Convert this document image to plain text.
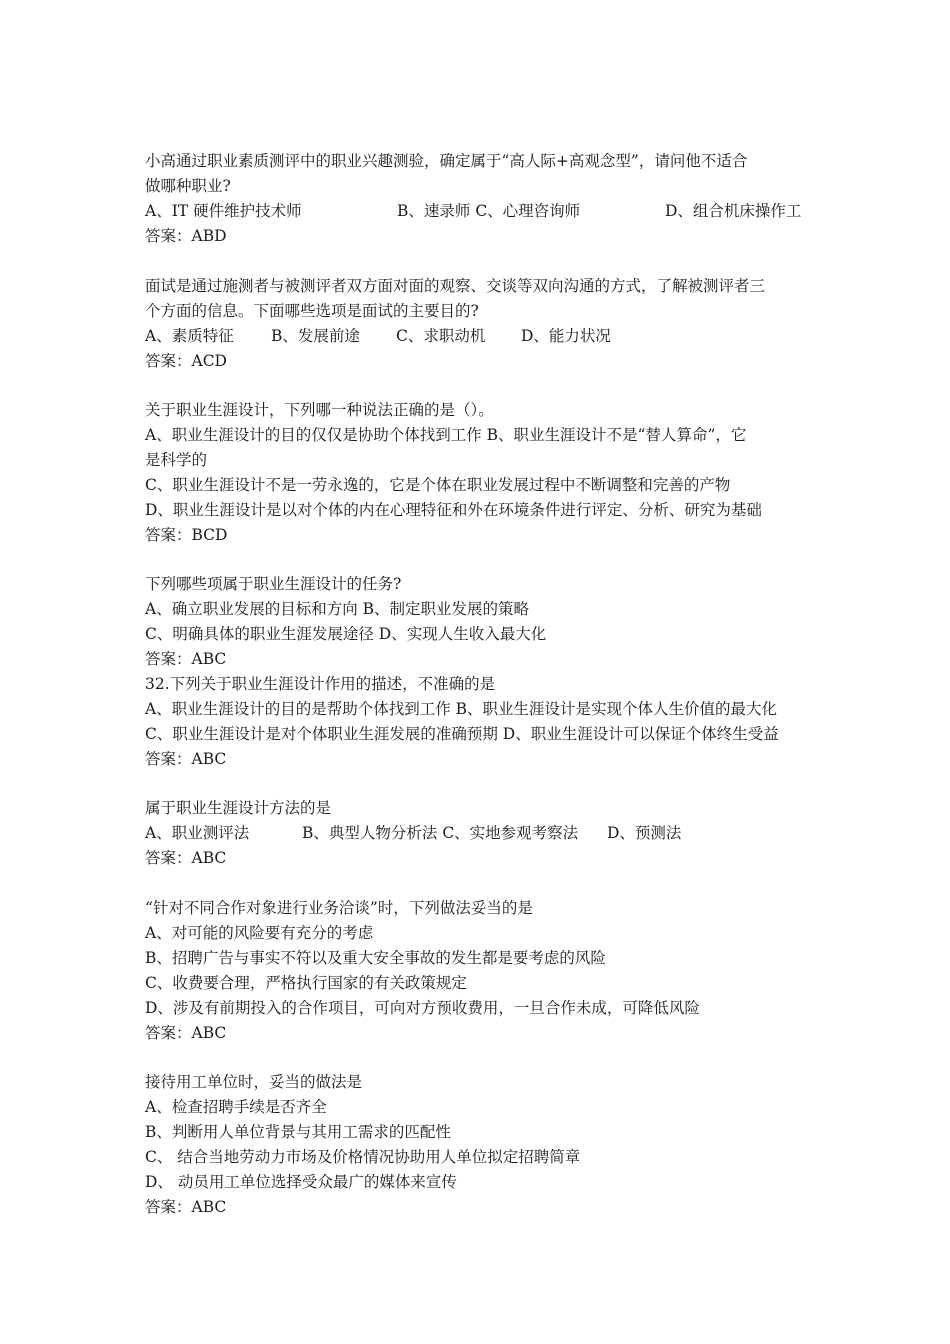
小高通过职业素质测评中的职业兴趣测验，确定属于“高人际+高观念型”，请问他不适合
做哪种职业?
A、IT 硬件维护技术师	B、速录师 C、心理咨询师	D、组合机床操作工
答案：ABD
面试是通过施测者与被测评者双方面对面的观察、交谈等双向沟通的方式，了解被测评者三
个方面的信息。下面哪些选项是面试的主要目的?
A、素质特征 B、发展前途 C、求职动机 D、能力状况
答案：ACD
关于职业生涯设计，下列哪一种说法正确的是（）。
A、职业生涯设计的目的仅仅是协助个体找到工作 B、职业生涯设计不是“替人算命”，它
是科学的
C、职业生涯设计不是一劳永逸的，它是个体在职业发展过程中不断调整和完善的产物
D、职业生涯设计是以对个体的内在心理特征和外在环境条件进行评定、分析、研究为基础
答案：BCD
下列哪些项属于职业生涯设计的任务?
A、确立职业发展的目标和方向 B、制定职业发展的策略
C、明确具体的职业生涯发展途径 D、实现人生收入最大化
答案：ABC
32.下列关于职业生涯设计作用的描述，不准确的是
A、职业生涯设计的目的是帮助个体找到工作 B、职业生涯设计是实现个体人生价值的最大化
C、职业生涯设计是对个体职业生涯发展的准确预期 D、职业生涯设计可以保证个体终生受益
答案：ABC
属于职业生涯设计方法的是
A、职业测评法	B、典型人物分析法 C、实地参观考察法 D、预测法
答案：ABC
“针对不同合作对象进行业务洽谈”时，下列做法妥当的是
A、对可能的风险要有充分的考虑
B、招聘广告与事实不符以及重大安全事故的发生都是要考虑的风险
C、收费要合理，严格执行国家的有关政策规定
D、涉及有前期投入的合作项目，可向对方预收费用，一旦合作未成，可降低风险
答案：ABC
接待用工单位时，妥当的做法是
A、检查招聘手续是否齐全
B、判断用人单位背景与其用工需求的匹配性
C、 结合当地劳动力市场及价格情况协助用人单位拟定招聘简章
D、 动员用工单位选择受众最广的媒体来宣传
答案：ABC
